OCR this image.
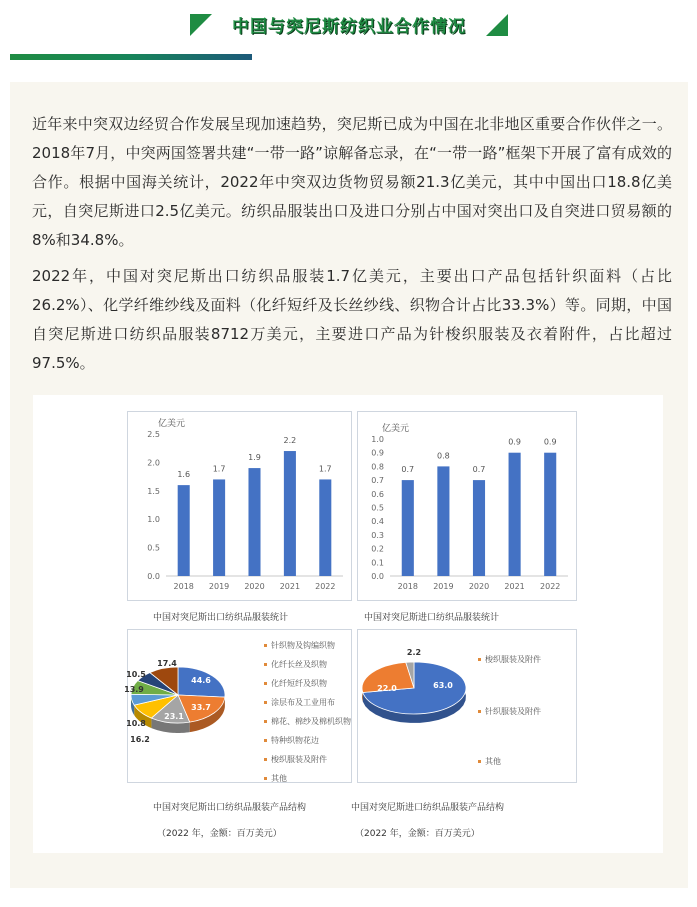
中国与突尼斯纺织业合作情况

近年来中突双边经贸合作发展呈现加速趋势，突尼斯已成为中国在北非地区重要合作伙伴之一。2018年7月，中突两国签署共建“一带一路”谅解备忘录，在“一带一路”框架下开展了富有成效的合作。根据中国海关统计，2022年中突双边货物贸易额21.3亿美元，其中中国出口18.8亿美元，自突尼斯进口2.5亿美元。纺织品服装出口及进口分别占中国对突出口及自突进口贸易额的8%和34.8%。

2022年，中国对突尼斯出口纺织品服装1.7亿美元，主要出口产品包括针织面料（占比26.2%）、化学纤维纱线及面料（化纤短纤及长丝纱线、织物合计占比33.3%）等。同期，中国自突尼斯进口纺织品服装8712万美元，主要进口产品为针梭织服装及衣着附件，占比超过97.5%。

亿美元
0.0
0.5
1.0
1.5
2.0
2.5
1.6
2018
1.7
2019
1.9
2020
2.2
2021
1.7
2022
亿美元
0.0
0.1
0.2
0.3
0.4
0.5
0.6
0.7
0.8
0.9
1.0
0.7
2018
0.8
2019
0.7
2020
0.9
2021
0.9
2022
中国对突尼斯出口纺织品服装统计	中国对突尼斯进口纺织品服装统计
44.6
33.7
23.1
16.2
10.8
13.9
10.5
17.4
针织物及钩编织物
化纤长丝及织物
化纤短纤及织物
涂层布及工业用布
棉花、棉纱及棉机织物
特种织物花边
梭织服装及附件
其他
63.0
22.0
2.2
梭织服装及附件
针织服装及附件
其他
中国对突尼斯出口纺织品服装产品结构	中国对突尼斯进口纺织品服装产品结构
（2022 年，金额：百万美元）	（2022 年，金额：百万美元）
